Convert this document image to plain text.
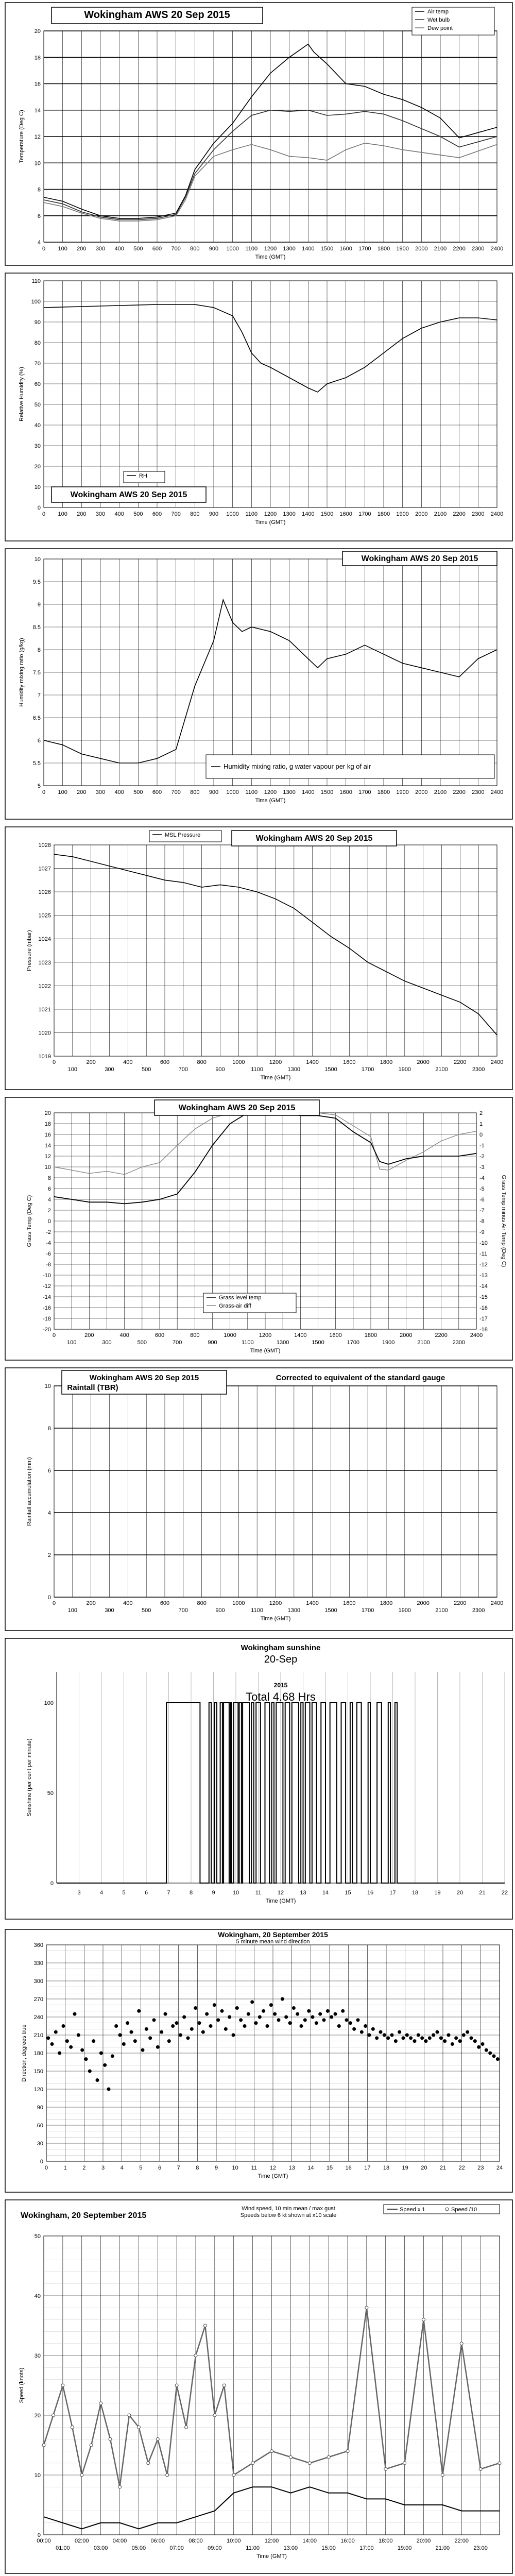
4
6
8
10
12
14
16
18
20
0 100 200 300 400 500 600 700 800 900 1000 1100 1200 1300 1400 1500 1600 1700 1800 1900 2000 2100 2200 2300 2400
Time (GMT)
Temperature (Deg C)
Wokingham AWS 20 Sep 2015	Air temp
Wet bulb
Dew point
0
10
20
30
40
50
60
70
80
90
100
110
0 100 200 300 400 500 600 700 800 900 1000 1100 1200 1300 1400 1500 1600 1700 1800 1900 2000 2100 2200 2300 2400
Time (GMT)
Relative Humidity (%)
RH
Wokingham AWS 20 Sep 2015
5
5.5
6
6.5
7
7.5
8
8.5
9
9.5
10
0 100 200 300 400 500 600 700 800 900 1000 1100 1200 1300 1400 1500 1600 1700 1800 1900 2000 2100 2200 2300 2400
Time (GMT)
Humidity mixing ratio (g/kg)
Wokingham AWS 20 Sep 2015
Humidity mixing ratio, g water vapour per kg of air
1019
1020
1021
1022
1023
1024
1025
1026
1027
1028
0	200	400	600	800	1000	1200	1400	1600	1800	2000	2200	2400
100	300	500	700	900	1100	1300	1500	1700	1900	2100	2300
Time (GMT)
Pressure (mbar)
MSL Pressure	Wokingham AWS 20 Sep 2015
20
18
16
14
12
10
8
6
4
2
0
-2
-4
-6
-8
-10
-12
-14
-16
-18
-20
2
1
0
-1
-2
-3
-4
-5
-6
-7
-8
-9
-10
-11
-12
-13
-14
-15
-16
-17
-18
0	200	400	600	800	1000	1200	1400	1600	1800	2000	2200	2400
100	300	500	700	900	1100	1300	1500	1700	1900	2100	2300
Time (GMT)
Grass Temp (Deg C)	Grass Temp minus Air Temp (Deg C)
Wokingham AWS 20 Sep 2015
Grass level temp
Grass-air diff
0
2
4
6
8
10
0	200	400	600	800	1000	1200	1400	1600	1800	2000	2200	2400
100	300	500	700	900	1100	1300	1500	1700	1900	2100	2300
Time (GMT)
Rainfall accumulation (mm)
Wokingham AWS 20 Sep 2015
Raintall (TBR)
Corrected to equivalent of the standard gauge
0
50
100
3	4	5	6	7	8	9	10	11	12	13	14	15	16	17	18	19	20	21	22
Time (GMT)
Sunshine (per cent per minute)
Wokingham sunshine
20-Sep
2015
Total 4.68 Hrs
0
30
60
90
120
150
180
210
240
270
300
330
360
0	1	2	3	4	5	6	7	8	9 10 11 12 13 14 15 16 17 18 19 20 21 22 23 24
Time (GMT)
Direction, degrees true
Wokingham, 20 September 2015
5 minute mean wind direction
0
10
20
30
40
50
00:00	02:00	04:00	06:00	08:00	10:00	12:00	14:00	16:00	18:00	20:00	22:00
01:00	03:00	05:00	07:00	09:00	11:00	13:00	15:00	17:00	19:00	21:00	23:00
Time (GMT)
Speed (knots)
Wokingham, 20 September 2015
Wind speed, 10 min mean / max gust
Speeds below 6 kt shown at x10 scale
Speed x 1	Speed /10
